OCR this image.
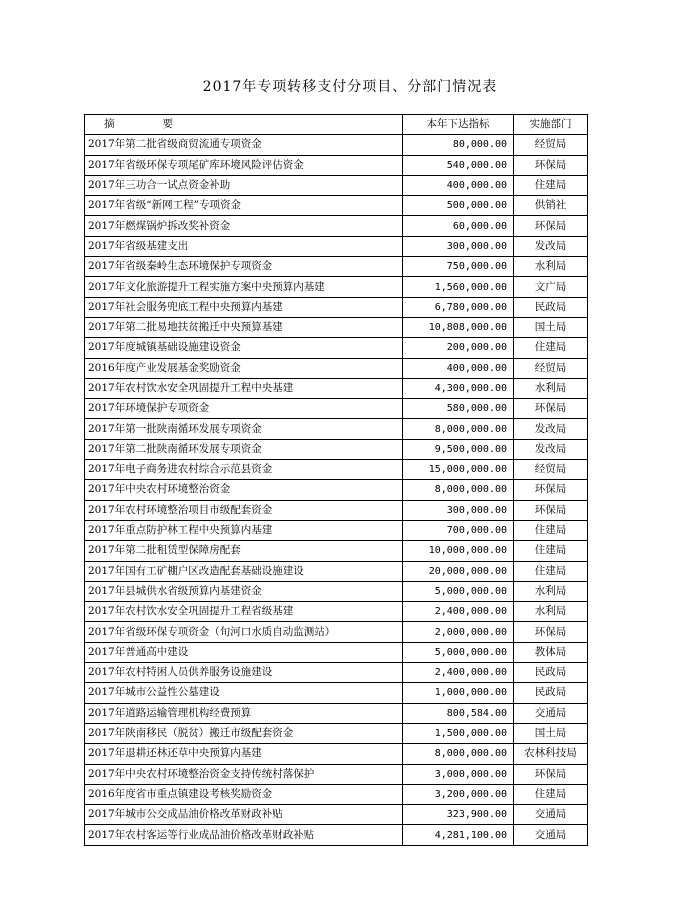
2017年专项转移支付分项目、分部门情况表
摘 要	本年下达指标	实施部门
2017年第二批省级商贸流通专项资金	80,000.00	经贸局
2017年省级环保专项尾矿库环境风险评估资金	540,000.00	环保局
2017年三功合一试点资金补助	400,000.00	住建局
2017年省级“新网工程”专项资金	500,000.00	供销社
2017年燃煤锅炉拆改奖补资金	60,000.00	环保局
2017年省级基建支出	300,000.00	发改局
2017年省级秦岭生态环境保护专项资金	750,000.00	水利局
2017年文化旅游提升工程实施方案中央预算内基建	1,560,000.00	文广局
2017年社会服务兜底工程中央预算内基建	6,780,000.00	民政局
2017年第二批易地扶贫搬迁中央预算基建	10,808,000.00	国土局
2017年度城镇基础设施建设资金	200,000.00	住建局
2016年度产业发展基金奖励资金	400,000.00	经贸局
2017年农村饮水安全巩固提升工程中央基建	4,300,000.00	水利局
2017年环境保护专项资金	580,000.00	环保局
2017年第一批陕南循环发展专项资金	8,000,000.00	发改局
2017年第二批陕南循环发展专项资金	9,500,000.00	发改局
2017年电子商务进农村综合示范县资金	15,000,000.00	经贸局
2017年中央农村环境整治资金	8,000,000.00	环保局
2017年农村环境整治项目市级配套资金	300,000.00	环保局
2017年重点防护林工程中央预算内基建	700,000.00	住建局
2017年第二批租赁型保障房配套	10,000,000.00	住建局
2017年国有工矿棚户区改造配套基础设施建设	20,000,000.00	住建局
2017年县城供水省级预算内基建资金	5,000,000.00	水利局
2017年农村饮水安全巩固提升工程省级基建	2,400,000.00	水利局
2017年省级环保专项资金（旬河口水质自动监测站）	2,000,000.00	环保局
2017年普通高中建设	5,000,000.00	教体局
2017年农村特困人员供养服务设施建设	2,400,000.00	民政局
2017年城市公益性公墓建设	1,000,000.00	民政局
2017年道路运输管理机构经费预算	800,584.00	交通局
2017年陕南移民（脱贫）搬迁市级配套资金	1,500,000.00	国土局
2017年退耕还林还草中央预算内基建	8,000,000.00	农林科技局
2017年中央农村环境整治资金支持传统村落保护	3,000,000.00	环保局
2016年度省市重点镇建设考核奖励资金	3,200,000.00	住建局
2017年城市公交成品油价格改革财政补贴	323,900.00	交通局
2017年农村客运等行业成品油价格改革财政补贴	4,281,100.00	交通局
